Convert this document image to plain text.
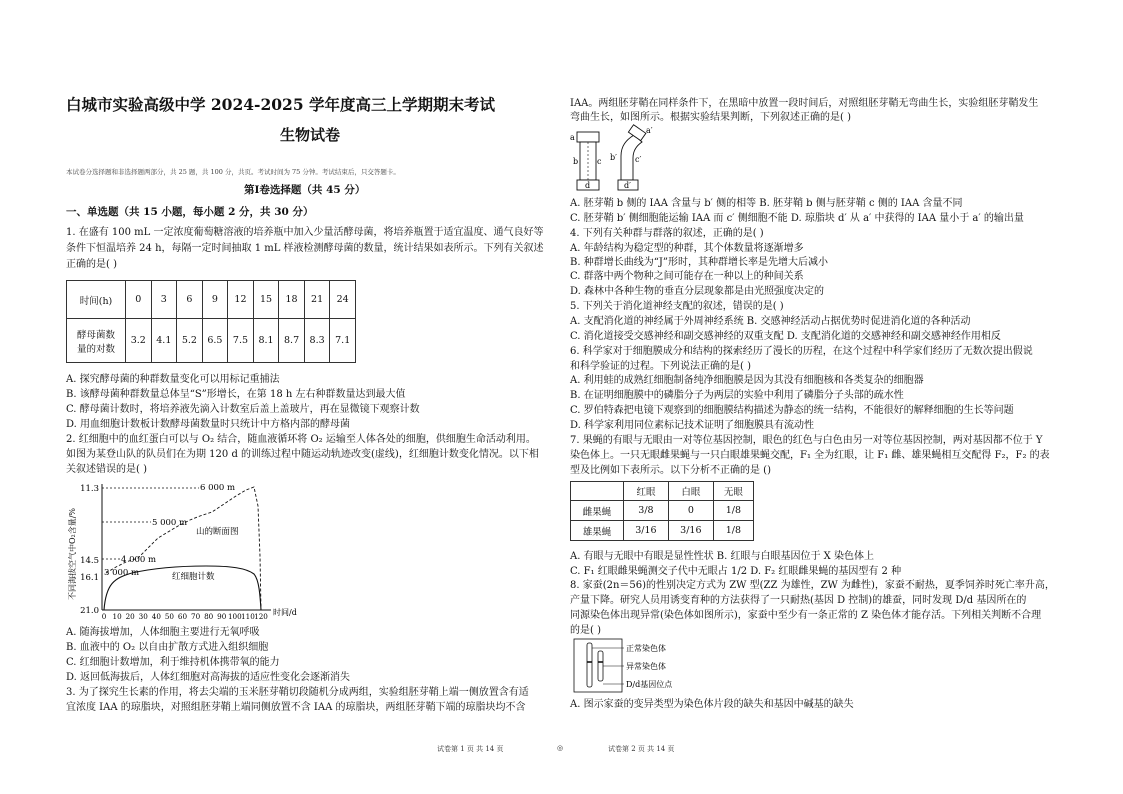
白城市实验高级中学 2024-2025 学年度高三上学期期末考试
生物试卷
本试卷分选择题和非选择题两部分，共 25 题，共 100 分，共页。考试时间为 75 分钟。考试结束后，只交答题卡。
第Ⅰ卷选择题（共 45 分）
一、单选题（共 15 小题，每小题 2 分，共 30 分）
1. 在盛有 100 mL 一定浓度葡萄糖溶液的培养瓶中加入少量活酵母菌，将培养瓶置于适宜温度、通气良好等
条件下恒温培养 24 h，每隔一定时间抽取 1 mL 样液检测酵母菌的数量，统计结果如表所示。下列有关叙述
正确的是( )
时间(h)	0	3	6	9	12	15	18	21	24
酵母菌数
量的对数	3.2	4.1	5.2	6.5	7.5	8.1	8.7	8.3	7.1
A. 探究酵母菌的种群数量变化可以用标记重捕法
B. 该酵母菌种群数量总体呈“S”形增长，在第 18 h 左右种群数量达到最大值
C. 酵母菌计数时，将培养液先滴入计数室后盖上盖玻片，再在显微镜下观察计数
D. 用血细胞计数板计数酵母菌数量时只统计中方格内部的酵母菌
2. 红细胞中的血红蛋白可以与 O₂ 结合，随血液循环将 O₂ 运输至人体各处的细胞，供细胞生命活动利用。
如图为某登山队的队员们在为期 120 d 的训练过程中随运动轨迹改变(虚线)，红细胞计数变化情况。以下相
关叙述错误的是( )
不同海拔空气中O₂含量/%
11.3
14.5
16.1
21.0
0 10 20 30 40 50 60 70 80 90 100 110 120 时间/d
6 000 m
5 000 m
4 000 m
3 000 m
山的断面图
红细胞计数
A. 随海拔增加，人体细胞主要进行无氧呼吸
B. 血液中的 O₂ 以自由扩散方式进入组织细胞
C. 红细胞计数增加，利于维持机体携带氧的能力
D. 返回低海拔后，人体红细胞对高海拔的适应性变化会逐渐消失
3. 为了探究生长素的作用，将去尖端的玉米胚芽鞘切段随机分成两组，实验组胚芽鞘上端一侧放置含有适
宜浓度 IAA 的琼脂块，对照组胚芽鞘上端同侧放置不含 IAA 的琼脂块，两组胚芽鞘下端的琼脂块均不含
IAA。两组胚芽鞘在同样条件下，在黑暗中放置一段时间后，对照组胚芽鞘无弯曲生长，实验组胚芽鞘发生
弯曲生长，如图所示。根据实验结果判断，下列叙述正确的是( )
a
b c
d
a′
b′ c′
d′
A. 胚芽鞘 b 侧的 IAA 含量与 b′ 侧的相等 B. 胚芽鞘 b 侧与胚芽鞘 c 侧的 IAA 含量不同
C. 胚芽鞘 b′ 侧细胞能运输 IAA 而 c′ 侧细胞不能 D. 琼脂块 d′ 从 a′ 中获得的 IAA 量小于 a′ 的输出量
4. 下列有关种群与群落的叙述，正确的是( )
A. 年龄结构为稳定型的种群，其个体数量将逐渐增多
B. 种群增长曲线为“J”形时，其种群增长率是先增大后减小
C. 群落中两个物种之间可能存在一种以上的种间关系
D. 森林中各种生物的垂直分层现象都是由光照强度决定的
5. 下列关于消化道神经支配的叙述，错误的是( )
A. 支配消化道的神经属于外周神经系统 B. 交感神经活动占据优势时促进消化道的各种活动
C. 消化道接受交感神经和副交感神经的双重支配 D. 支配消化道的交感神经和副交感神经作用相反
6. 科学家对于细胞膜成分和结构的探索经历了漫长的历程，在这个过程中科学家们经历了无数次提出假说
和科学验证的过程。下列说法正确的是( )
A. 利用蛙的成熟红细胞制备纯净细胞膜是因为其没有细胞核和各类复杂的细胞器
B. 在证明细胞膜中的磷脂分子为两层的实验中利用了磷脂分子头部的疏水性
C. 罗伯特森把电镜下观察到的细胞膜结构描述为静态的统一结构，不能很好的解释细胞的生长等问题
D. 科学家利用同位素标记技术证明了细胞膜具有流动性
7. 果蝇的有眼与无眼由一对等位基因控制，眼色的红色与白色由另一对等位基因控制，两对基因都不位于 Y
染色体上。一只无眼雌果蝇与一只白眼雄果蝇交配，F₁ 全为红眼，让 F₁ 雌、雄果蝇相互交配得 F₂，F₂ 的表
型及比例如下表所示。以下分析不正确的是 ()
	红眼	白眼	无眼
雌果蝇	3/8	0	1/8
雄果蝇	3/16	3/16	1/8
A. 有眼与无眼中有眼是显性性状 B. 红眼与白眼基因位于 X 染色体上
C. F₁ 红眼雌果蝇测交子代中无眼占 1/2 D. F₂ 红眼雌果蝇的基因型有 2 种
8. 家蚕(2n＝56)的性别决定方式为 ZW 型(ZZ 为雄性，ZW 为雌性)，家蚕不耐热，夏季饲养时死亡率升高，
产量下降。研究人员用诱变育种的方法获得了一只耐热(基因 D 控制)的雄蚕，同时发现 D/d 基因所在的
同源染色体出现异常(染色体如图所示)，家蚕中至少有一条正常的 Z 染色体才能存活。下列相关判断不合理
的是( )
正常染色体
异常染色体
D/d基因位点
A. 图示家蚕的变异类型为染色体片段的缺失和基因中碱基的缺失
试卷第 1 页 共 14 页	◎	试卷第 2 页 共 14 页
